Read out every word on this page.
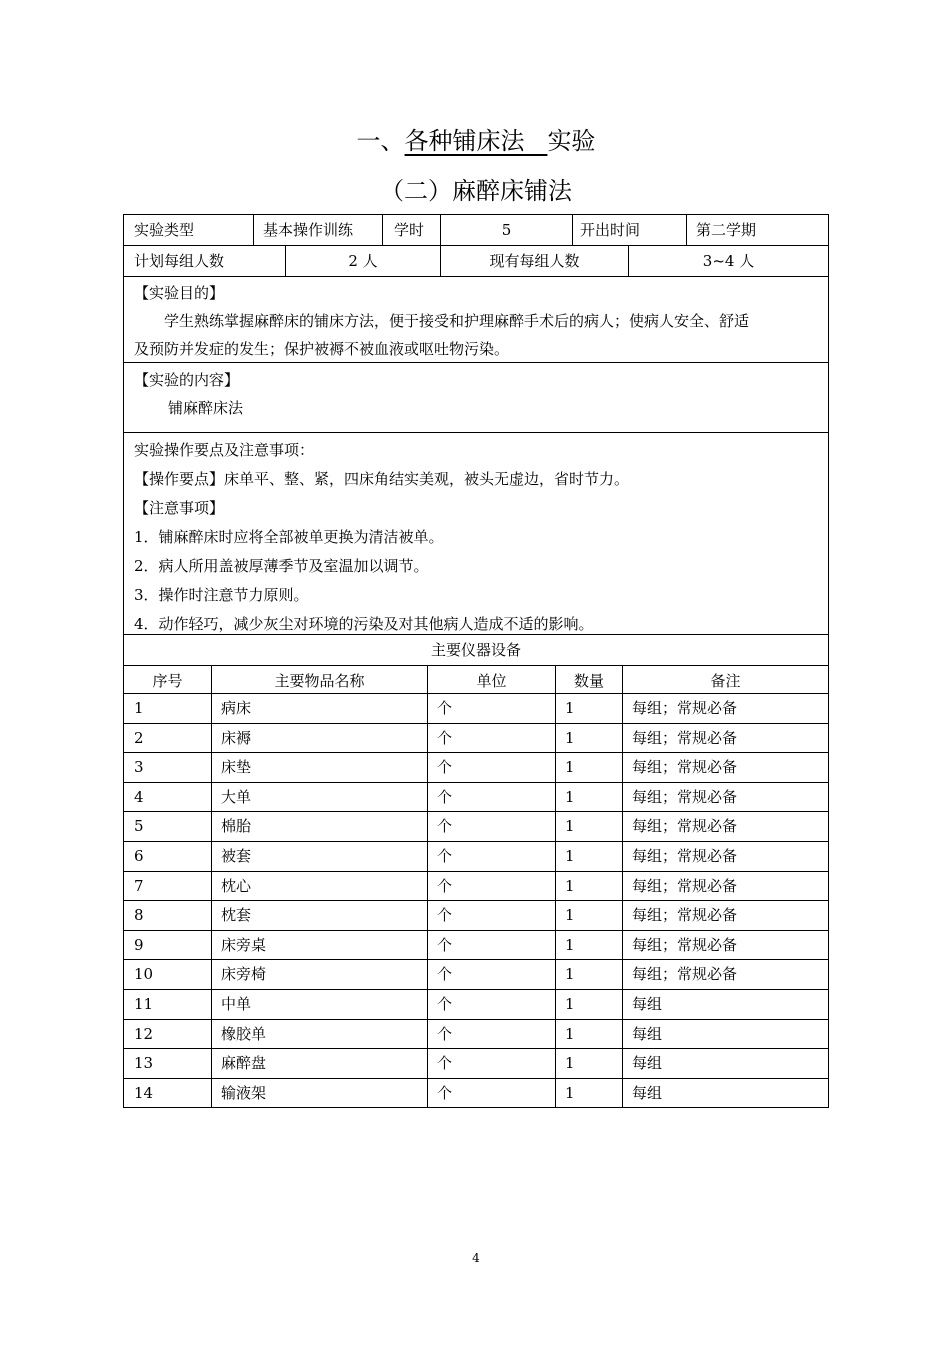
一、各种铺床法 实验
（二）麻醉床铺法
实验类型	基本操作训练	学时	5	开出时间	第二学期
计划每组人数	2 人	现有每组人数	3~4 人
【实验目的】
学生熟练掌握麻醉床的铺床方法，便于接受和护理麻醉手术后的病人；使病人安全、舒适
及预防并发症的发生；保护被褥不被血液或呕吐物污染。
【实验的内容】
铺麻醉床法
实验操作要点及注意事项：
【操作要点】床单平、整、紧，四床角结实美观，被头无虚边，省时节力。
【注意事项】
1．铺麻醉床时应将全部被单更换为清洁被单。
2．病人所用盖被厚薄季节及室温加以调节。
3．操作时注意节力原则。
4．动作轻巧，减少灰尘对环境的污染及对其他病人造成不适的影响。
主要仪器设备
序号	主要物品名称	单位	数量	备注
1	病床	个	1	每组；常规必备
2	床褥	个	1	每组；常规必备
3	床垫	个	1	每组；常规必备
4	大单	个	1	每组；常规必备
5	棉胎	个	1	每组；常规必备
6	被套	个	1	每组；常规必备
7	枕心	个	1	每组；常规必备
8	枕套	个	1	每组；常规必备
9	床旁桌	个	1	每组；常规必备
10	床旁椅	个	1	每组；常规必备
11	中单	个	1	每组
12	橡胶单	个	1	每组
13	麻醉盘	个	1	每组
14	输液架	个	1	每组
4
